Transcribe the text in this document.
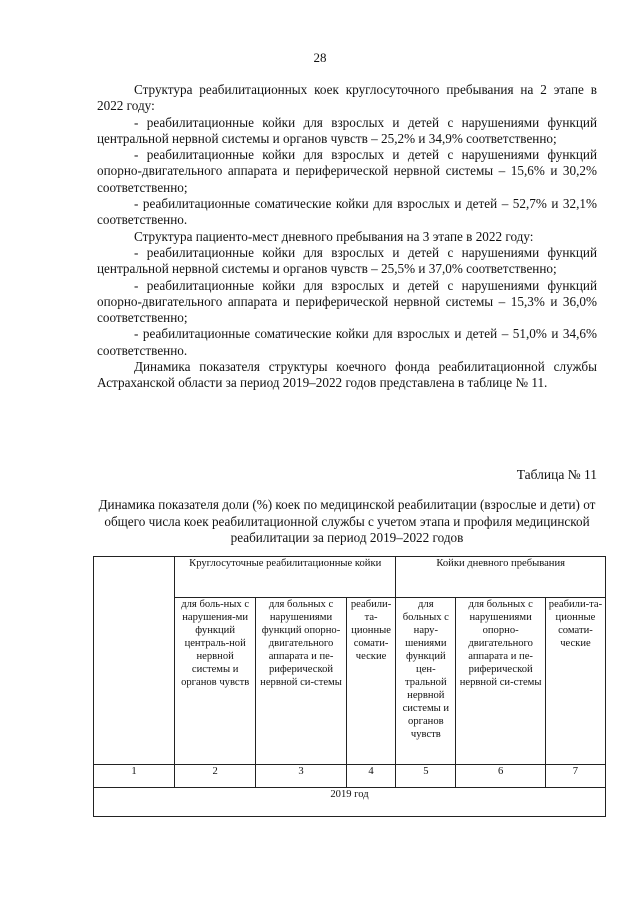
28

Структура реабилитационных коек круглосуточного пребывания на 2 этапе в 2022 году:

- реабилитационные койки для взрослых и детей с нарушениями функций центральной нервной системы и органов чувств – 25,2% и 34,9% соответственно;

- реабилитационные койки для взрослых и детей с нарушениями функций опорно-двигательного аппарата и периферической нервной системы – 15,6% и 30,2% соответственно;

- реабилитационные соматические койки для взрослых и детей – 52,7% и 32,1% соответственно.

Структура пациенто-мест дневного пребывания на 3 этапе в 2022 году:

- реабилитационные койки для взрослых и детей с нарушениями функций центральной нервной системы и органов чувств – 25,5% и 37,0% соответственно;

- реабилитационные койки для взрослых и детей с нарушениями функций опорно-двигательного аппарата и периферической нервной системы – 15,3% и 36,0% соответственно;

- реабилитационные соматические койки для взрослых и детей – 51,0% и 34,6% соответственно.

Динамика показателя структуры коечного фонда реабилитационной службы Астраханской области за период 2019–2022 годов представлена в таблице № 11.

Таблица № 11
Динамика показателя доли (%) коек по медицинской реабилитации (взрослые и дети) от общего числа коек реабилитационной службы с учетом этапа и профиля медицинской реабилитации за период 2019–2022 годов
	Круглосуточные реабилитационные койки			Койки дневного пребывания		
	для боль-ных с нарушения-ми функций централь-ной нервной системы и органов чувств	для больных с нарушениями функций опорно-двигательного аппарата и пе-риферической нервной си-стемы	реабили-та-ционные сомати-ческие	для больных с нару-шениями функций цен-тральной нервной системы и органов чувств	для больных с нарушениями опорно-двигательного аппарата и пе-риферической нервной си-стемы	реабили-та-ционные сомати-ческие
1	2	3	4	5	6	7
2019 год						
